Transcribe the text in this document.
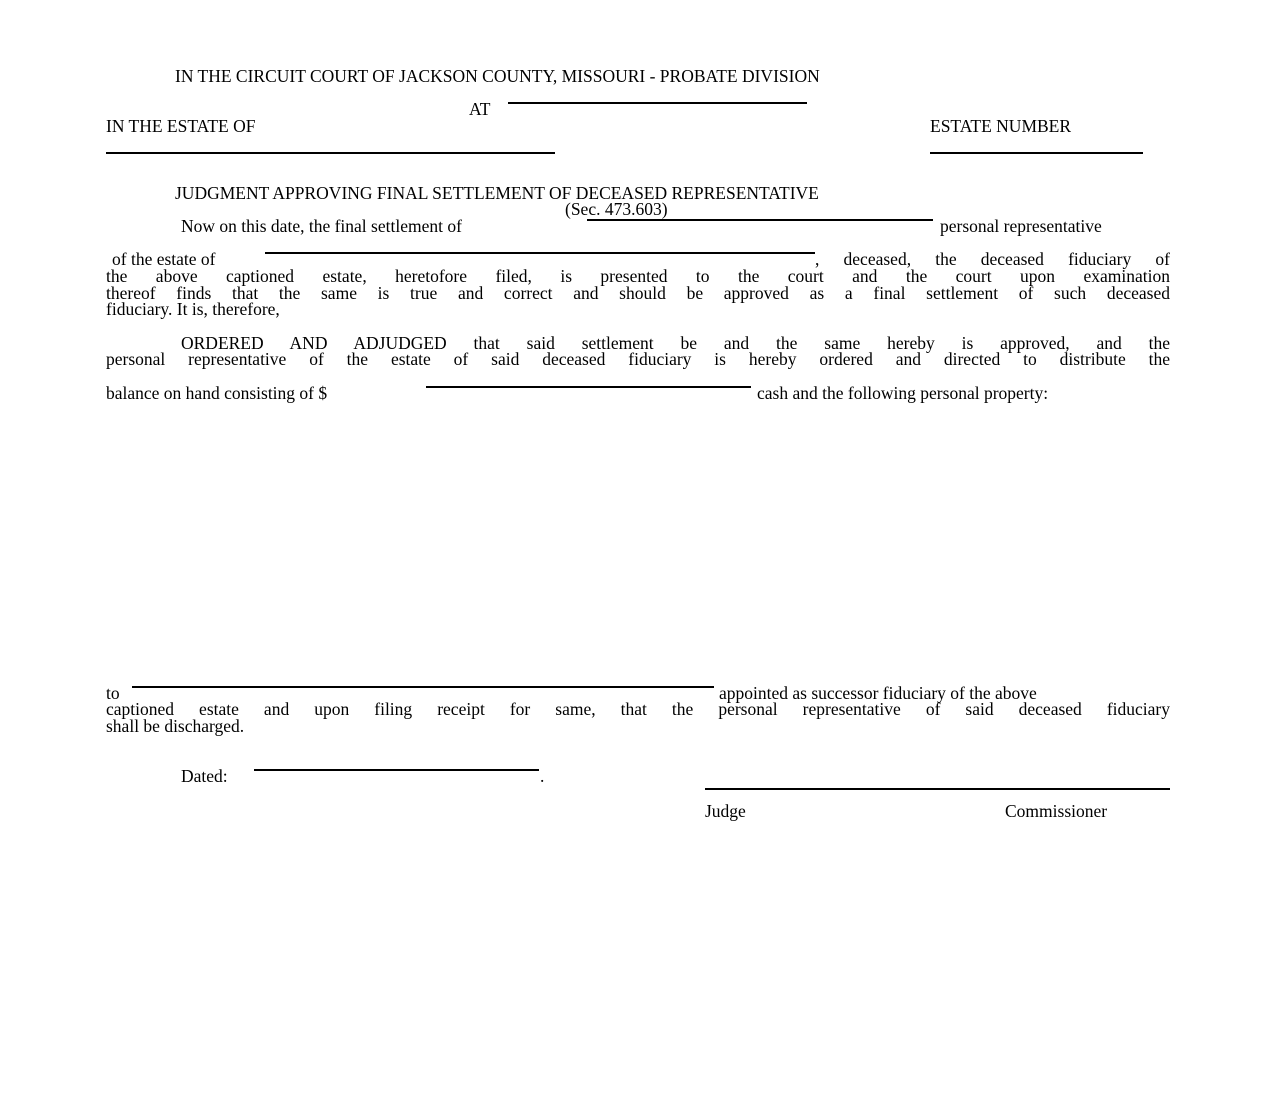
IN THE CIRCUIT COURT OF JACKSON COUNTY, MISSOURI - PROBATE DIVISION
AT
IN THE ESTATE OF	ESTATE NUMBER
JUDGMENT APPROVING FINAL SETTLEMENT OF DECEASED REPRESENTATIVE
(Sec. 473.603)
Now on this date, the final settlement of	personal representative
of the estate of	, deceased, the deceased fiduciary of
the above captioned estate, heretofore filed, is presented to the court and the court upon examination
thereof finds that the same is true and correct and should be approved as a final settlement of such deceased
fiduciary. It is, therefore,
ORDERED AND ADJUDGED that said settlement be and the same hereby is approved, and the
personal representative of the estate of said deceased fiduciary is hereby ordered and directed to distribute the
balance on hand consisting of $	cash and the following personal property:
to	appointed as successor fiduciary of the above
captioned estate and upon filing receipt for same, that the personal representative of said deceased fiduciary
shall be discharged.
Dated:	.
Judge	Commissioner
